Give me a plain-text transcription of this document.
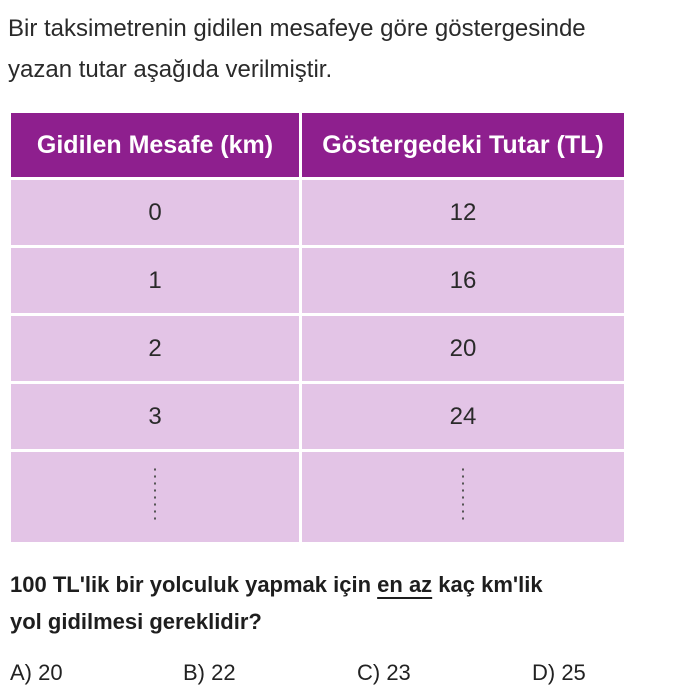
Bir taksimetrenin gidilen mesafeye göre göstergesinde
yazan tutar aşağıda verilmiştir.
Gidilen Mesafe (km)	Göstergedeki Tutar (TL)
0	12
1	16
2	20
3	24

100 TL'lik bir yolculuk yapmak için en az kaç km'lik
yol gidilmesi gereklidir?
A) 20	B) 22	C) 23	D) 25
